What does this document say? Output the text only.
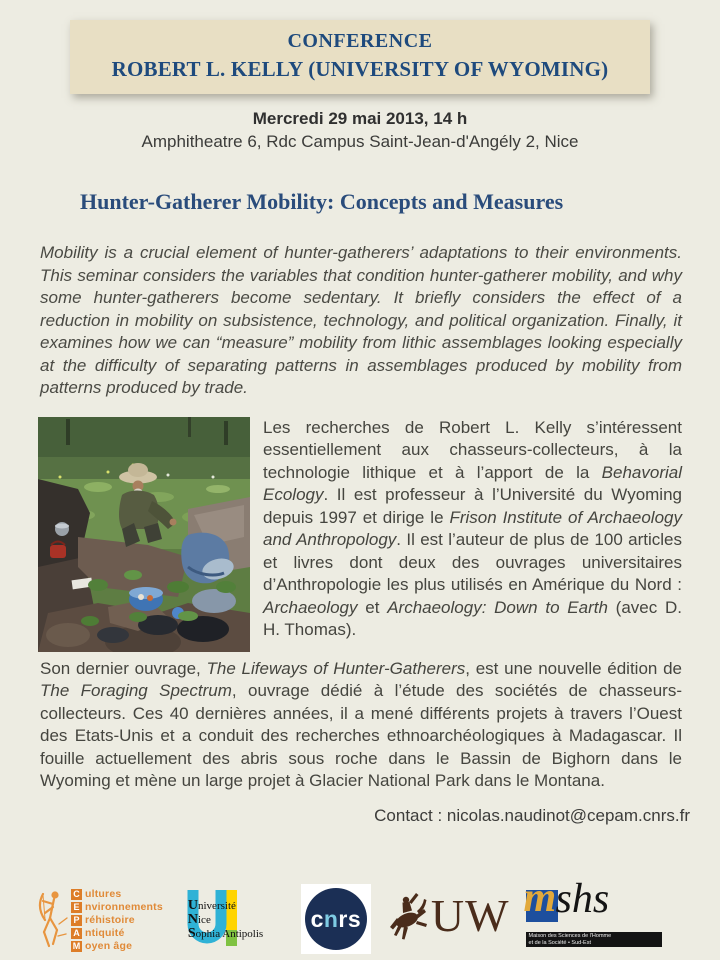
CONFERENCE
ROBERT L. KELLY (UNIVERSITY OF WYOMING)
Mercredi 29 mai 2013, 14 h
Amphitheatre 6, Rdc Campus Saint-Jean-d'Angély 2, Nice
Hunter-Gatherer Mobility: Concepts and Measures

Mobility is a crucial element of hunter-gatherers’ adaptations to their environments. This seminar considers the variables that condition hunter-gatherer mobility, and why some hunter-gatherers become sedentary. It briefly considers the effect of a reduction in mobility on subsistence, technology, and political organization. Finally, it examines how we can “measure” mobility from lithic assemblages looking especially at the difficulty of separating patterns in assemblages produced by mobility from patterns produced by trade.

Les recherches de Robert L. Kelly s’intéressent essentiellement aux chasseurs-collecteurs, à la technologie lithique et à l’apport de la Behavorial Ecology. Il est professeur à l’Université du Wyoming depuis 1997 et dirige le Frison Institute of Archaeology and Anthropology. Il est l’auteur de plus de 100 articles et livres dont deux des ouvrages universitaires d’Anthropologie les plus utilisés en Amérique du Nord : Archaeology et Archaeology: Down to Earth (avec D. H. Thomas).

Son dernier ouvrage, The Lifeways of Hunter-Gatherers, est une nouvelle édition de The Foraging Spectrum, ouvrage dédié à l’étude des sociétés de chasseurs-collecteurs. Ces 40 dernières années, il a mené différents projets à travers l’Ouest des Etats-Unis et a conduit des recherches ethnoarchéologiques à Madagascar. Il fouille actuellement des abris sous roche dans le Bassin de Bighorn dans le Wyoming et mène un large projet à Glacier National Park dans le Montana.

Contact : nicolas.naudinot@cepam.cnrs.fr
C ultures
E nvironnements
P réhistoire
A ntiquité
M oyen âge
Université
Nice
Sophia Antipolis
cnrs UW m shs
Maison des Sciences de l'Homme
et de la Société • Sud-Est
